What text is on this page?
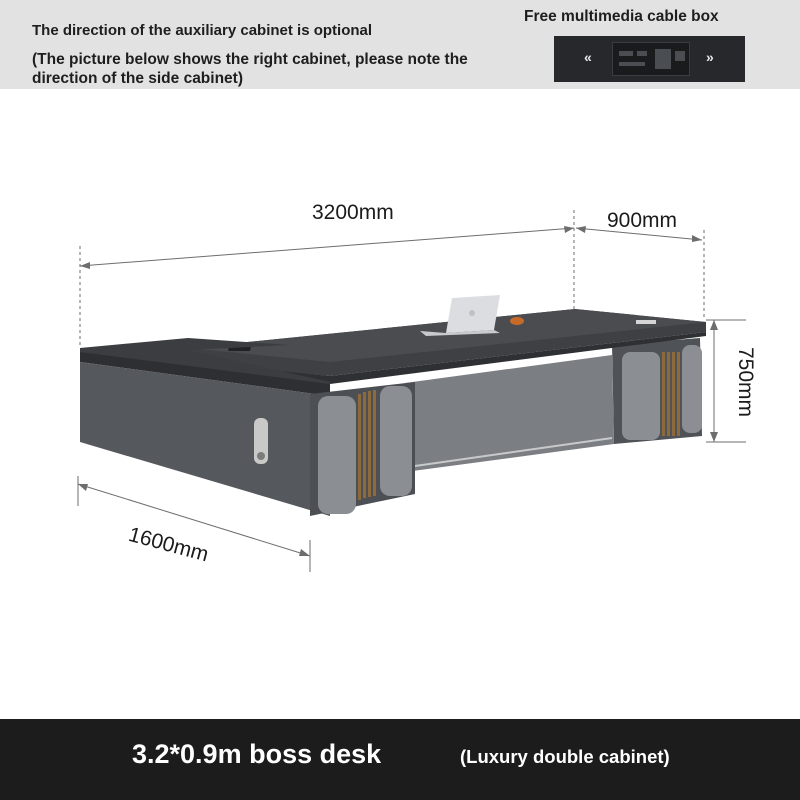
The direction of the auxiliary cabinet is optional
(The picture below shows the right cabinet, please note the direction of the side cabinet)
Free multimedia cable box
«	»
3200mm	900mm
750mm
1600mm
3.2*0.9m boss desk	(Luxury double cabinet)
